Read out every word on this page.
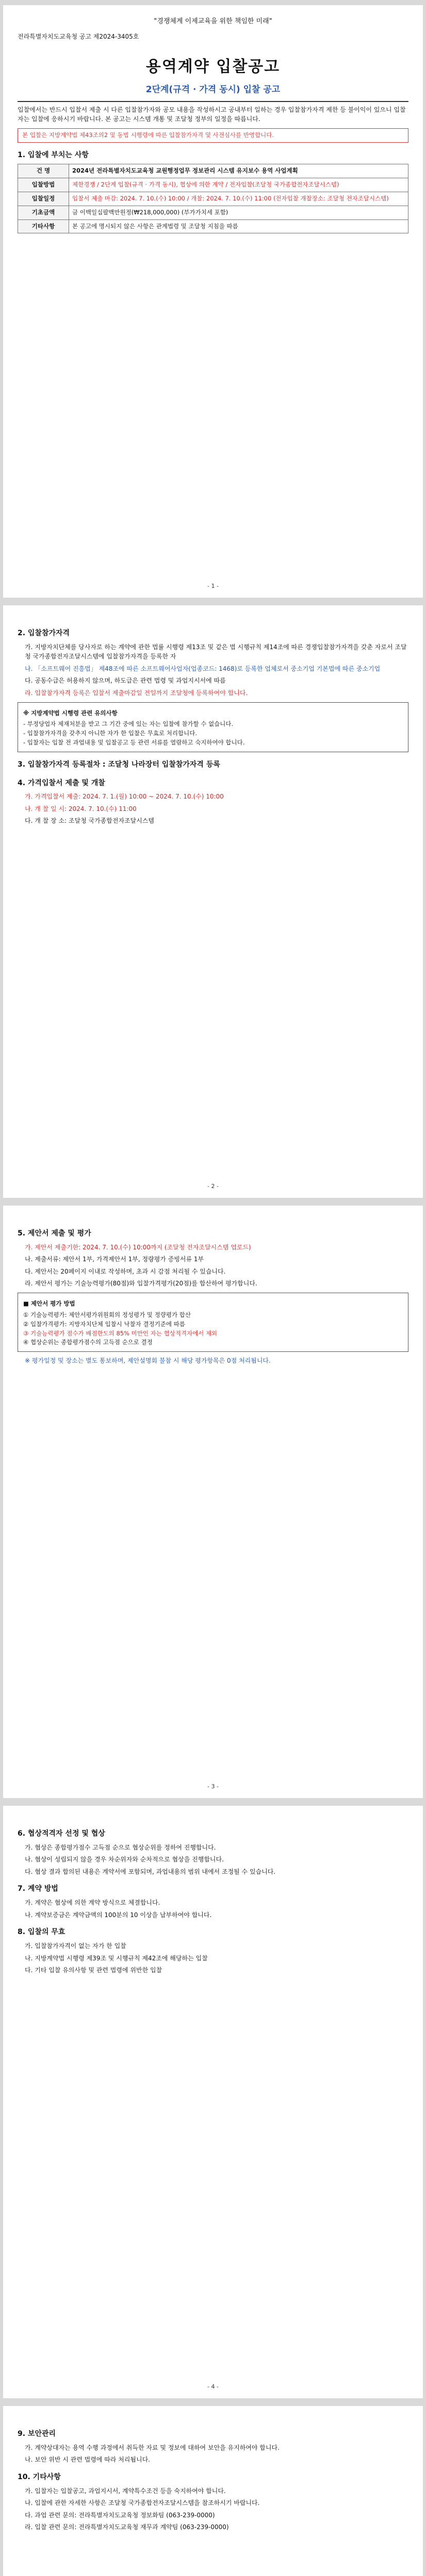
"경쟁체계 이제교육을 위한 책임한 미래"
전라특별자치도교육청 공고 제2024-3405호
용역계약 입찰공고
2단계(규격 · 가격 동시) 입찰 공고
입찰에서는 반드시 입찰서 제출 시 다른 입찰참가자와 공모 내용을 작성하시고 공내부터 일하는 경우 입찰참가자격 제한 등 불이익이 있으니 입찰자는 입찰에 응하시기 바랍니다. 본 공고는 시스템 개통 및 조달청 정부의 일정을 따릅니다.
본 입찰은 지방계약법 제43조의2 및 동법 시행령에 따른 입찰참가자격 및 사전심사를 반영합니다.
1. 입찰에 부치는 사항
건 명	2024년 전라특별자치도교육청 교원행정업무 정보관리 시스템 유지보수 용역 사업계획
입찰방법	제한경쟁 / 2단계 입찰(규격 · 가격 동시), 협상에 의한 계약 / 전자입찰(조달청 국가종합전자조달시스템)
입찰일정	입찰서 제출 마감: 2024. 7. 10.(수) 10:00 / 개찰: 2024. 7. 10.(수) 11:00 (전자입찰 개찰장소: 조달청 전자조달시스템)
기초금액	금 이백일십팔백만원정(₩218,000,000) (부가가치세 포함)
기타사항	본 공고에 명시되지 않은 사항은 관계법령 및 조달청 지침을 따름
- 1 -
2. 입찰참가자격

가. 지방자치단체를 당사자로 하는 계약에 관한 법률 시행령 제13조 및 같은 법 시행규칙 제14조에 따른 경쟁입찰참가자격을 갖춘 자로서 조달청 국가종합전자조달시스템에 입찰참가자격을 등록한 자

나. 「소프트웨어 진흥법」 제48조에 따른 소프트웨어사업자(업종코드: 1468)로 등록한 업체로서 중소기업 기본법에 따른 중소기업

다. 공동수급은 허용하지 않으며, 하도급은 관련 법령 및 과업지시서에 따름

라. 입찰참가자격 등록은 입찰서 제출마감일 전일까지 조달청에 등록하여야 합니다.

※ 지방계약법 시행령 관련 유의사항
- 부정당업자 제재처분을 받고 그 기간 중에 있는 자는 입찰에 참가할 수 없습니다.
- 입찰참가자격을 갖추지 아니한 자가 한 입찰은 무효로 처리합니다.
- 입찰자는 입찰 전 과업내용 및 입찰공고 등 관련 서류를 열람하고 숙지하여야 합니다.
3. 입찰참가자격 등록절차 : 조달청 나라장터 입찰참가자격 등록
4. 가격입찰서 제출 및 개찰

가. 가격입찰서 제출: 2024. 7. 1.(월) 10:00 ~ 2024. 7. 10.(수) 10:00

나. 개 찰 일 시: 2024. 7. 10.(수) 11:00

다. 개 찰 장 소: 조달청 국가종합전자조달시스템

- 2 -
5. 제안서 제출 및 평가

가. 제안서 제출기한: 2024. 7. 10.(수) 10:00까지 (조달청 전자조달시스템 업로드)

나. 제출서류: 제안서 1부, 가격제안서 1부, 정량평가 증빙서류 1부

다. 제안서는 20페이지 이내로 작성하며, 초과 시 감점 처리될 수 있습니다.

라. 제안서 평가는 기술능력평가(80점)와 입찰가격평가(20점)를 합산하여 평가합니다.

■ 제안서 평가 방법
① 기술능력평가: 제안서평가위원회의 정성평가 및 정량평가 합산
② 입찰가격평가: 지방자치단체 입찰시 낙찰자 결정기준에 따름
③ 기술능력평가 점수가 배점한도의 85% 미만인 자는 협상적격자에서 제외
④ 협상순위는 종합평가점수의 고득점 순으로 결정

※ 평가일정 및 장소는 별도 통보하며, 제안설명회 불참 시 해당 평가항목은 0점 처리됩니다.

- 3 -
6. 협상적격자 선정 및 협상

가. 협상은 종합평가점수 고득점 순으로 협상순위를 정하여 진행합니다.

나. 협상이 성립되지 않을 경우 차순위자와 순차적으로 협상을 진행합니다.

다. 협상 결과 합의된 내용은 계약서에 포함되며, 과업내용의 범위 내에서 조정될 수 있습니다.

7. 계약 방법

가. 계약은 협상에 의한 계약 방식으로 체결합니다.

나. 계약보증금은 계약금액의 100분의 10 이상을 납부하여야 합니다.

8. 입찰의 무효

가. 입찰참가자격이 없는 자가 한 입찰

나. 지방계약법 시행령 제39조 및 시행규칙 제42조에 해당하는 입찰

다. 기타 입찰 유의사항 및 관련 법령에 위반한 입찰

- 4 -
9. 보안관리

가. 계약상대자는 용역 수행 과정에서 취득한 자료 및 정보에 대하여 보안을 유지하여야 합니다.

나. 보안 위반 시 관련 법령에 따라 처리됩니다.

10. 기타사항

가. 입찰자는 입찰공고, 과업지시서, 계약특수조건 등을 숙지하여야 합니다.

나. 입찰에 관한 자세한 사항은 조달청 국가종합전자조달시스템을 참조하시기 바랍니다.

다. 과업 관련 문의: 전라특별자치도교육청 정보화팀 (063-239-0000)

라. 입찰 관련 문의: 전라특별자치도교육청 재무과 계약팀 (063-239-0000)
